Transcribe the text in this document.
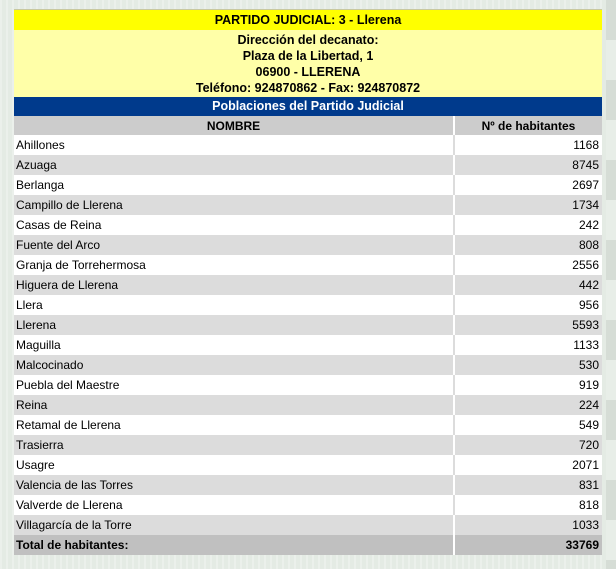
PARTIDO JUDICIAL: 3 - Llerena
Dirección del decanato:
Plaza de la Libertad, 1
06900 - LLERENA
Teléfono: 924870862 - Fax: 924870872
Poblaciones del Partido Judicial
NOMBRE	Nº de habitantes
Ahillones	1168
Azuaga	8745
Berlanga	2697
Campillo de Llerena	1734
Casas de Reina	242
Fuente del Arco	808
Granja de Torrehermosa	2556
Higuera de Llerena	442
Llera	956
Llerena	5593
Maguilla	1133
Malcocinado	530
Puebla del Maestre	919
Reina	224
Retamal de Llerena	549
Trasierra	720
Usagre	2071
Valencia de las Torres	831
Valverde de Llerena	818
Villagarcía de la Torre	1033
Total de habitantes:	33769
